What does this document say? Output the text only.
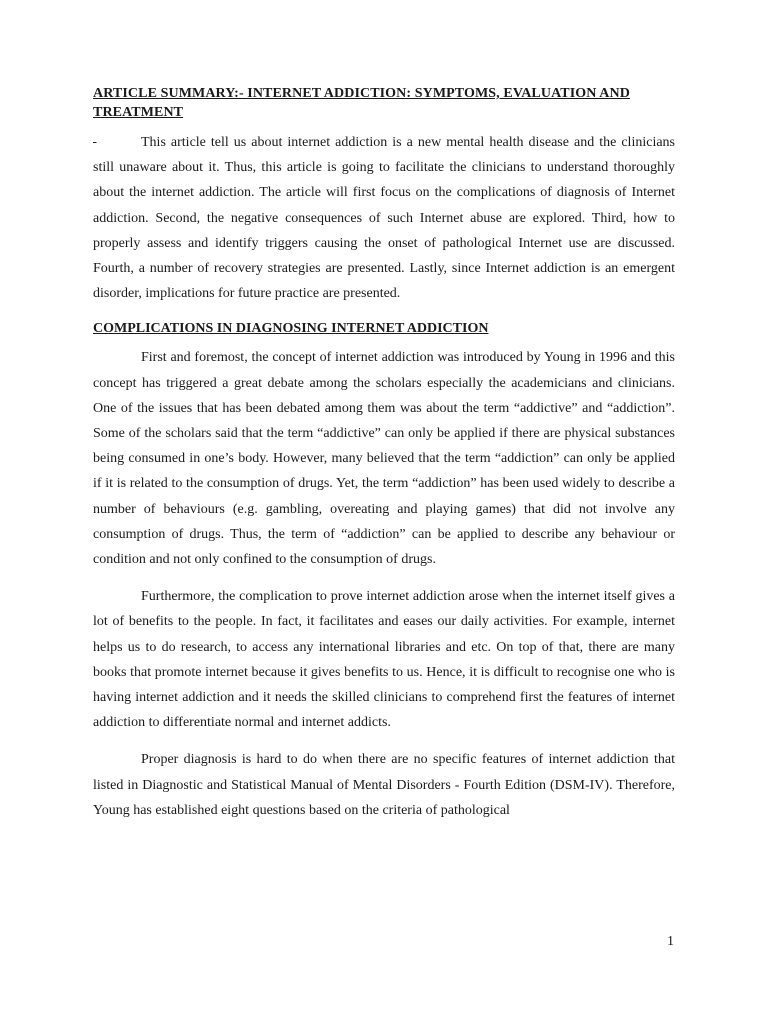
ARTICLE SUMMARY:- INTERNET ADDICTION: SYMPTOMS, EVALUATION AND TREATMENT

This article tell us about internet addiction is a new mental health disease and the clinicians still unaware about it. Thus, this article is going to facilitate the clinicians to understand thoroughly about the internet addiction. The article will first focus on the complications of diagnosis of Internet addiction. Second, the negative consequences of such Internet abuse are explored. Third, how to properly assess and identify triggers causing the onset of pathological Internet use are discussed. Fourth, a number of recovery strategies are presented. Lastly, since Internet addiction is an emergent disorder, implications for future practice are presented.

COMPLICATIONS IN DIAGNOSING INTERNET ADDICTION

First and foremost, the concept of internet addiction was introduced by Young in 1996 and this concept has triggered a great debate among the scholars especially the academicians and clinicians. One of the issues that has been debated among them was about the term “addictive” and “addiction”. Some of the scholars said that the term “addictive” can only be applied if there are physical substances being consumed in one’s body. However, many believed that the term “addiction” can only be applied if it is related to the consumption of drugs. Yet, the term “addiction” has been used widely to describe a number of behaviours (e.g. gambling, overeating and playing games) that did not involve any consumption of drugs. Thus, the term of “addiction” can be applied to describe any behaviour or condition and not only confined to the consumption of drugs.

Furthermore, the complication to prove internet addiction arose when the internet itself gives a lot of benefits to the people. In fact, it facilitates and eases our daily activities. For example, internet helps us to do research, to access any international libraries and etc. On top of that, there are many books that promote internet because it gives benefits to us. Hence, it is difficult to recognise one who is having internet addiction and it needs the skilled clinicians to comprehend first the features of internet addiction to differentiate normal and internet addicts.

Proper diagnosis is hard to do when there are no specific features of internet addiction that listed in Diagnostic and Statistical Manual of Mental Disorders - Fourth Edition (DSM-IV). Therefore, Young has established eight questions based on the criteria of pathological

1
